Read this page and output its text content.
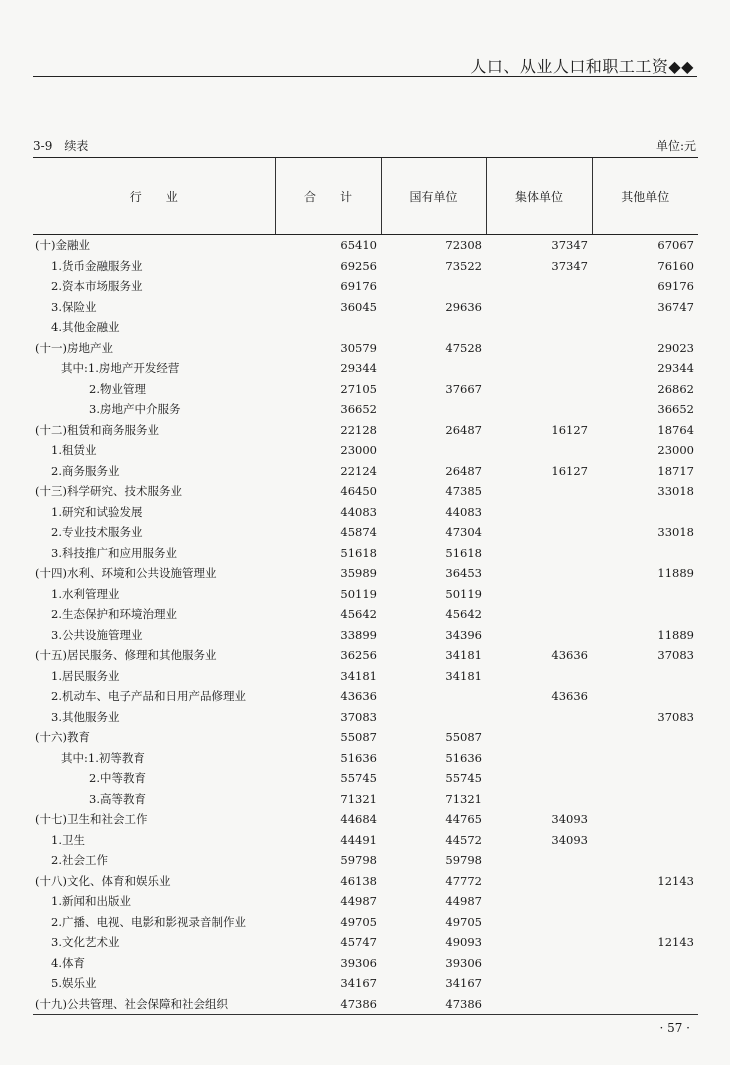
人口、从业人口和职工工资◆◆
3-9　续表	单位:元
行　　业	合　　计	国有单位	集体单位	其他单位
(十)金融业	65410	72308	37347	67067
1.货币金融服务业	69256	73522	37347	76160
2.资本市场服务业	69176			69176
3.保险业	36045	29636		36747
4.其他金融业				
(十一)房地产业	30579	47528		29023
其中:1.房地产开发经营	29344			29344
2.物业管理	27105	37667		26862
3.房地产中介服务	36652			36652
(十二)租赁和商务服务业	22128	26487	16127	18764
1.租赁业	23000			23000
2.商务服务业	22124	26487	16127	18717
(十三)科学研究、技术服务业	46450	47385		33018
1.研究和试验发展	44083	44083		
2.专业技术服务业	45874	47304		33018
3.科技推广和应用服务业	51618	51618		
(十四)水利、环境和公共设施管理业	35989	36453		11889
1.水利管理业	50119	50119		
2.生态保护和环境治理业	45642	45642		
3.公共设施管理业	33899	34396		11889
(十五)居民服务、修理和其他服务业	36256	34181	43636	37083
1.居民服务业	34181	34181		
2.机动车、电子产品和日用产品修理业	43636		43636	
3.其他服务业	37083			37083
(十六)教育	55087	55087		
其中:1.初等教育	51636	51636		
2.中等教育	55745	55745		
3.高等教育	71321	71321		
(十七)卫生和社会工作	44684	44765	34093	
1.卫生	44491	44572	34093	
2.社会工作	59798	59798		
(十八)文化、体育和娱乐业	46138	47772		12143
1.新闻和出版业	44987	44987		
2.广播、电视、电影和影视录音制作业	49705	49705		
3.文化艺术业	45747	49093		12143
4.体育	39306	39306		
5.娱乐业	34167	34167		
(十九)公共管理、社会保障和社会组织	47386	47386		
· 57 ·
